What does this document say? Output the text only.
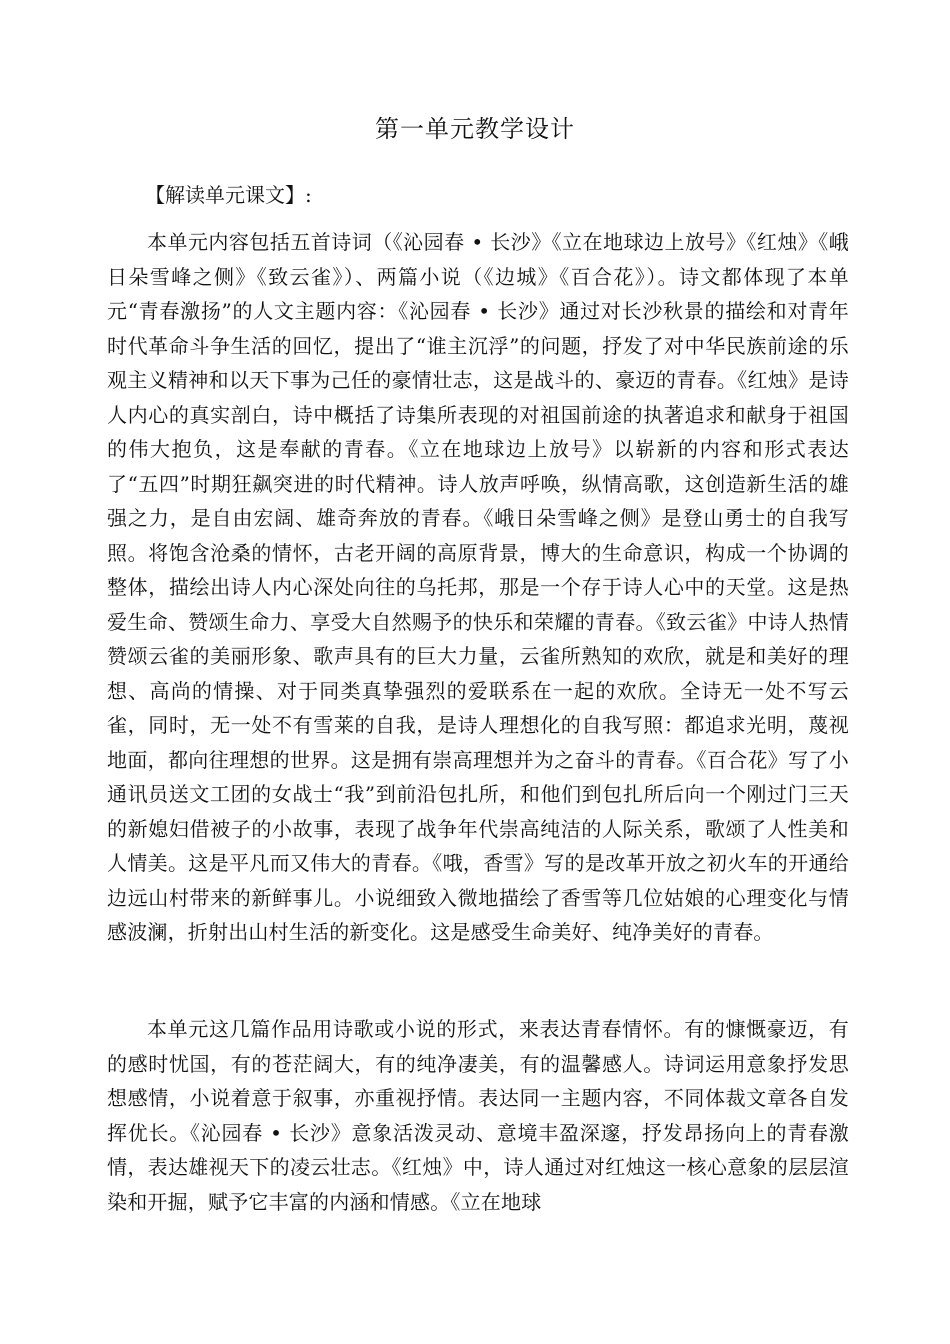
第一单元教学设计
【解读单元课文】:

本单元内容包括五首诗词（《沁园春 • 长沙》《立在地球边上放号》《红烛》《峨日朵雪峰之侧》《致云雀》）、两篇小说（《边城》《百合花》）。诗文都体现了本单元“青春激扬”的人文主题内容：《沁园春 • 长沙》通过对长沙秋景的描绘和对青年时代革命斗争生活的回忆，提出了“谁主沉浮”的问题，抒发了对中华民族前途的乐观主义精神和以天下事为己任的豪情壮志，这是战斗的、豪迈的青春。《红烛》是诗人内心的真实剖白，诗中概括了诗集所表现的对祖国前途的执著追求和献身于祖国的伟大抱负，这是奉献的青春。《立在地球边上放号》以崭新的内容和形式表达了“五四”时期狂飙突进的时代精神。诗人放声呼唤，纵情高歌，这创造新生活的雄强之力，是自由宏阔、雄奇奔放的青春。《峨日朵雪峰之侧》是登山勇士的自我写照。将饱含沧桑的情怀，古老开阔的高原背景，博大的生命意识，构成一个协调的整体，描绘出诗人内心深处向往的乌托邦，那是一个存于诗人心中的天堂。这是热爱生命、赞颂生命力、享受大自然赐予的快乐和荣耀的青春。《致云雀》中诗人热情赞颂云雀的美丽形象、歌声具有的巨大力量，云雀所熟知的欢欣，就是和美好的理想、高尚的情操、对于同类真挚强烈的爱联系在一起的欢欣。全诗无一处不写云雀，同时，无一处不有雪莱的自我，是诗人理想化的自我写照：都追求光明，蔑视地面，都向往理想的世界。这是拥有崇高理想并为之奋斗的青春。《百合花》写了小通讯员送文工团的女战士“我”到前沿包扎所，和他们到包扎所后向一个刚过门三天的新媳妇借被子的小故事，表现了战争年代崇高纯洁的人际关系，歌颂了人性美和人情美。这是平凡而又伟大的青春。《哦，香雪》写的是改革开放之初火车的开通给边远山村带来的新鲜事儿。小说细致入微地描绘了香雪等几位姑娘的心理变化与情感波澜，折射出山村生活的新变化。这是感受生命美好、纯净美好的青春。

本单元这几篇作品用诗歌或小说的形式，来表达青春情怀。有的慷慨豪迈，有的感时忧国，有的苍茫阔大，有的纯净凄美，有的温馨感人。诗词运用意象抒发思想感情，小说着意于叙事，亦重视抒情。表达同一主题内容，不同体裁文章各自发挥优长。《沁园春 • 长沙》意象活泼灵动、意境丰盈深邃，抒发昂扬向上的青春激情，表达雄视天下的凌云壮志。《红烛》中，诗人通过对红烛这一核心意象的层层渲染和开掘，赋予它丰富的内涵和情感。《立在地球
